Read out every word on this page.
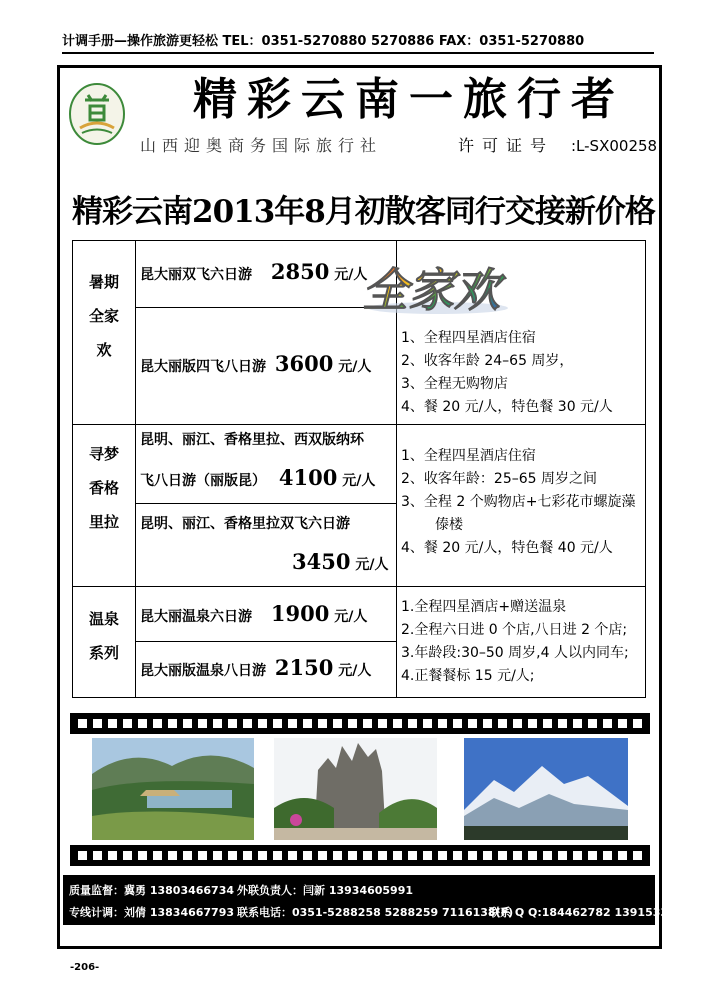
计调手册—操作旅游更轻松 TEL：0351-5270880 5270886 FAX：0351-5270880
精彩云南一旅行者
山西迎奥商务国际旅行社	许可证号 :L-SX00258
精彩云南2013年8月初散客同行交接新价格
暑期
全家
欢
昆大丽双飞六日游 2850 元/人
昆大丽版四飞八日游 3600 元/人
寻梦
香格
里拉
昆明、丽江、香格里拉、西双版纳环
飞八日游（丽版昆） 4100 元/人
昆明、丽江、香格里拉双飞六日游
3450 元/人
温泉
系列
昆大丽温泉六日游 1900 元/人
昆大丽版温泉八日游 2150 元/人
1、全程四星酒店住宿
2、收客年龄 24–65 周岁，
3、全程无购物店
4、餐 20 元/人，特色餐 30 元/人
1、全程四星酒店住宿
2、收客年龄：25–65 周岁之间
3、全程 2 个购物店+七彩花市螺旋藻
傣楼
4、餐 20 元/人，特色餐 40 元/人
1.全程四星酒店+赠送温泉
2.全程六日进 0 个店,八日进 2 个店;
3.年龄段:30–50 周岁,4 人以内同车;
4.正餐餐标 15 元/人;
全家欢
质量监督：冀勇 13803466734 外联负责人：闫新 13934605991
专线计调：刘倩 13834667793 联系电话：0351-5288258 5288259 7116138(F)
联系 Q Q:184462782 1391533002
-206-
